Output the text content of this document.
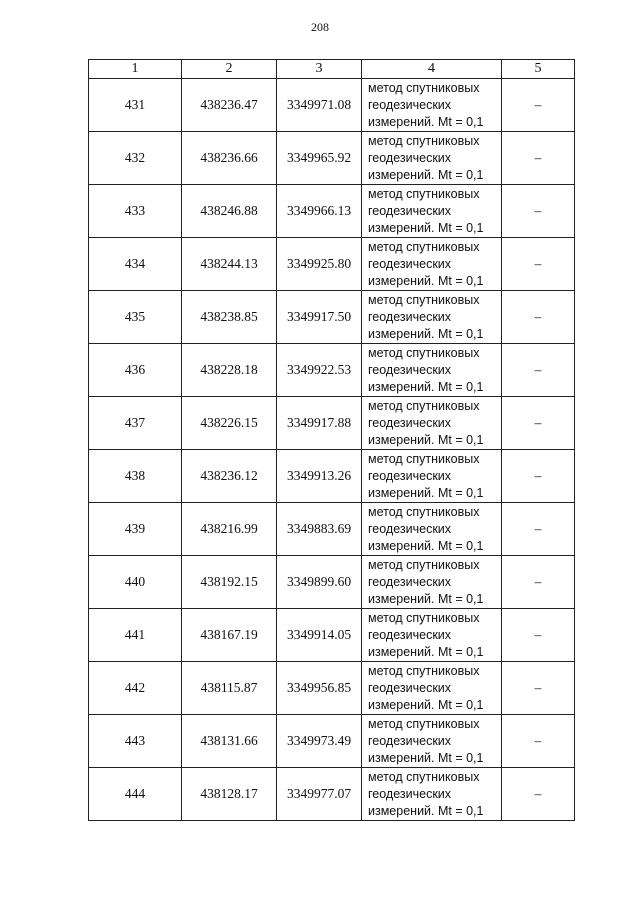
208
1	2	3	4	5
431	438236.47	3349971.08	метод спутниковых
геодезических
измерений. Mt = 0,1	–
432	438236.66	3349965.92	метод спутниковых
геодезических
измерений. Mt = 0,1	–
433	438246.88	3349966.13	метод спутниковых
геодезических
измерений. Mt = 0,1	–
434	438244.13	3349925.80	метод спутниковых
геодезических
измерений. Mt = 0,1	–
435	438238.85	3349917.50	метод спутниковых
геодезических
измерений. Mt = 0,1	–
436	438228.18	3349922.53	метод спутниковых
геодезических
измерений. Mt = 0,1	–
437	438226.15	3349917.88	метод спутниковых
геодезических
измерений. Mt = 0,1	–
438	438236.12	3349913.26	метод спутниковых
геодезических
измерений. Mt = 0,1	–
439	438216.99	3349883.69	метод спутниковых
геодезических
измерений. Mt = 0,1	–
440	438192.15	3349899.60	метод спутниковых
геодезических
измерений. Mt = 0,1	–
441	438167.19	3349914.05	метод спутниковых
геодезических
измерений. Mt = 0,1	–
442	438115.87	3349956.85	метод спутниковых
геодезических
измерений. Mt = 0,1	–
443	438131.66	3349973.49	метод спутниковых
геодезических
измерений. Mt = 0,1	–
444	438128.17	3349977.07	метод спутниковых
геодезических
измерений. Mt = 0,1	–
